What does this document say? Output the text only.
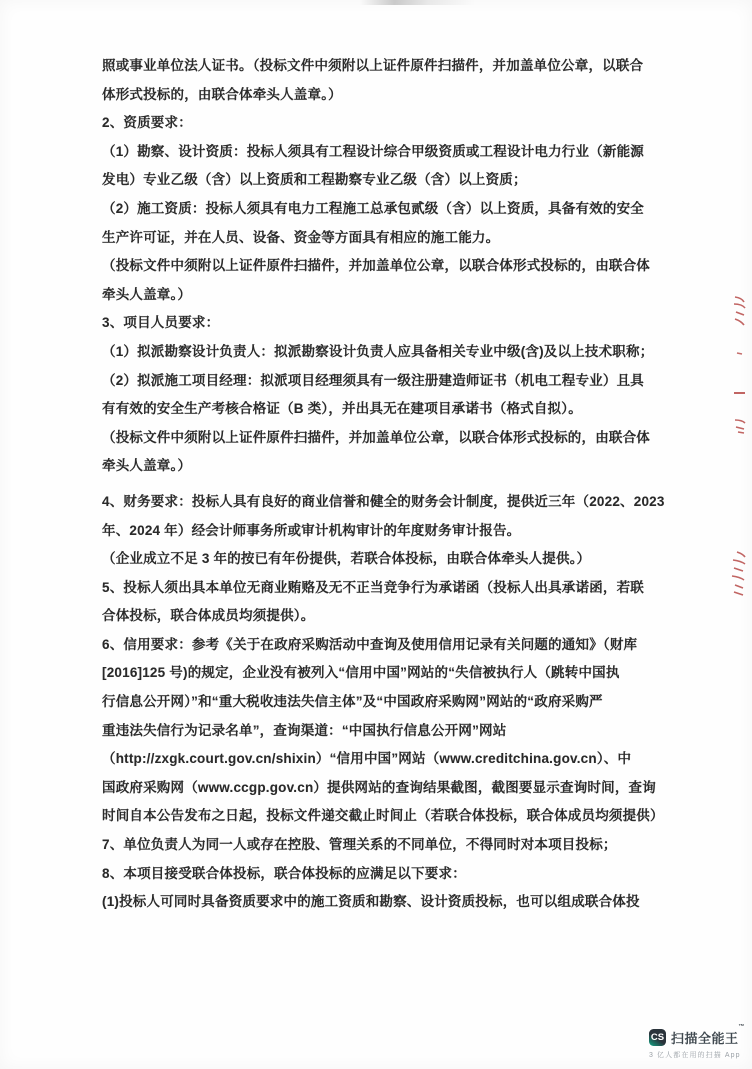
照或事业单位法人证书。（投标文件中须附以上证件原件扫描件，并加盖单位公章，以联合
体形式投标的，由联合体牵头人盖章。）
2、资质要求：
（1）勘察、设计资质：投标人须具有工程设计综合甲级资质或工程设计电力行业（新能源
发电）专业乙级（含）以上资质和工程勘察专业乙级（含）以上资质；
（2）施工资质：投标人须具有电力工程施工总承包贰级（含）以上资质，具备有效的安全
生产许可证，并在人员、设备、资金等方面具有相应的施工能力。
（投标文件中须附以上证件原件扫描件，并加盖单位公章，以联合体形式投标的，由联合体
牵头人盖章。）
3、项目人员要求：
（1）拟派勘察设计负责人：拟派勘察设计负责人应具备相关专业中级(含)及以上技术职称；
（2）拟派施工项目经理：拟派项目经理须具有一级注册建造师证书（机电工程专业）且具
有有效的安全生产考核合格证（B 类），并出具无在建项目承诺书（格式自拟）。
（投标文件中须附以上证件原件扫描件，并加盖单位公章，以联合体形式投标的，由联合体
牵头人盖章。）
4、财务要求：投标人具有良好的商业信誉和健全的财务会计制度，提供近三年（2022、2023
年、2024 年）经会计师事务所或审计机构审计的年度财务审计报告。
（企业成立不足 3 年的按已有年份提供，若联合体投标，由联合体牵头人提供。）
5、投标人须出具本单位无商业贿赂及无不正当竞争行为承诺函（投标人出具承诺函，若联
合体投标，联合体成员均须提供）。
6、信用要求：参考《关于在政府采购活动中查询及使用信用记录有关问题的通知》（财库
[2016]125 号)的规定，企业没有被列入“信用中国”网站的“失信被执行人（跳转中国执
行信息公开网）”和“重大税收违法失信主体”及“中国政府采购网”网站的“政府采购严
重违法失信行为记录名单”，查询渠道：“中国执行信息公开网”网站
（http://zxgk.court.gov.cn/shixin）“信用中国”网站（www.creditchina.gov.cn）、中
国政府采购网（www.ccgp.gov.cn）提供网站的查询结果截图，截图要显示查询时间，查询
时间自本公告发布之日起，投标文件递交截止时间止（若联合体投标，联合体成员均须提供）
7、单位负责人为同一人或存在控股、管理关系的不同单位，不得同时对本项目投标；
8、本项目接受联合体投标，联合体投标的应满足以下要求：
(1)投标人可同时具备资质要求中的施工资质和勘察、设计资质投标，也可以组成联合体投
CS 扫描全能王™
3 亿人都在用的扫描 App
